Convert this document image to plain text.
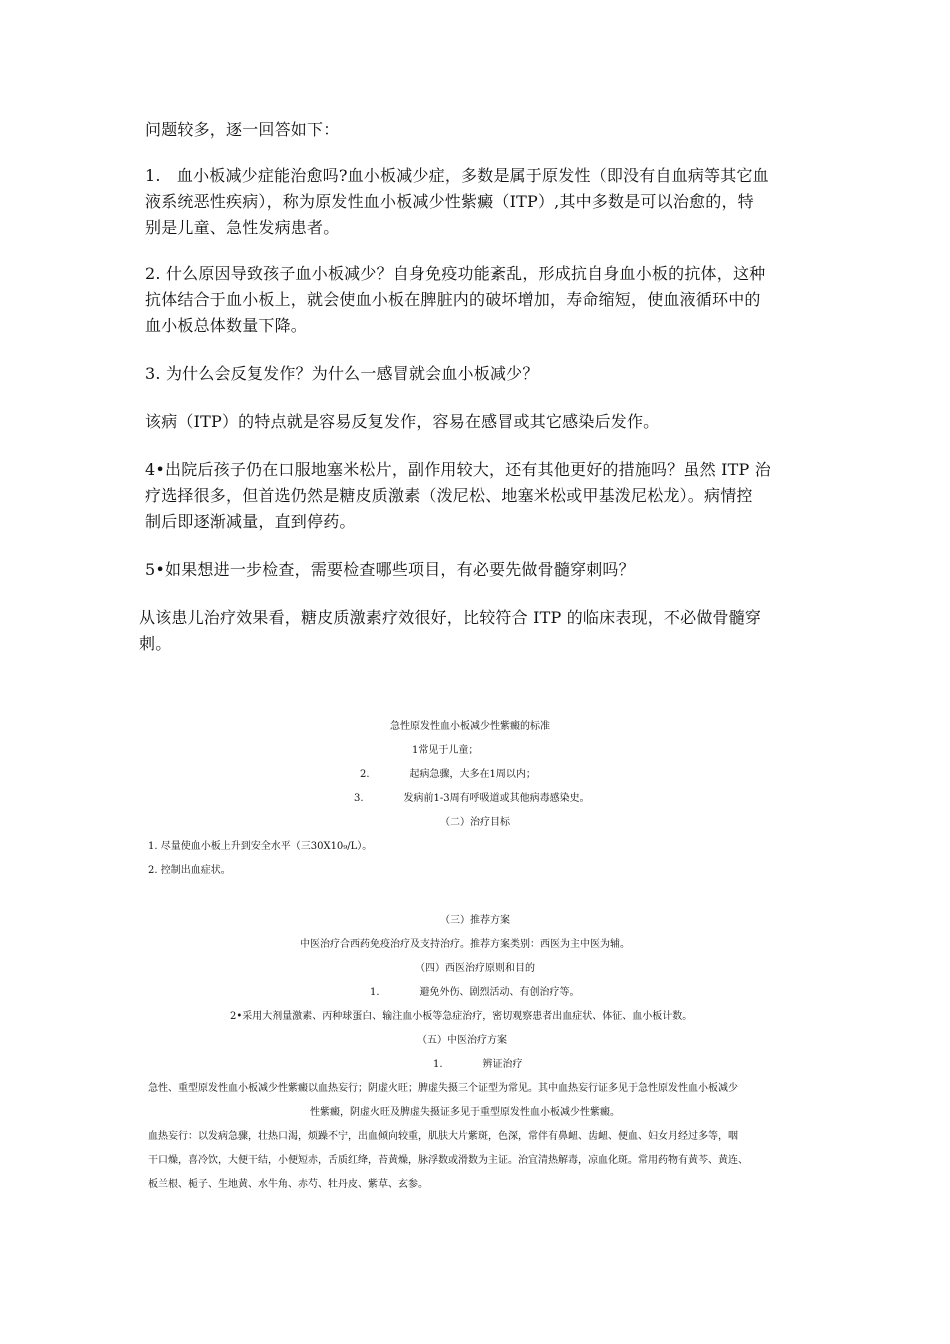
问题较多，逐一回答如下：

1.　血小板减少症能治愈吗?血小板减少症，多数是属于原发性（即没有自血病等其它血

液系统恶性疾病），称为原发性血小板减少性紫癜（ITP）,其中多数是可以治愈的，特

别是儿童、急性发病患者。

2. 什么原因导致孩子血小板减少？自身免疫功能紊乱，形成抗自身血小板的抗体，这种

抗体结合于血小板上，就会使血小板在脾脏内的破坏增加，寿命缩短，使血液循环中的

血小板总体数量下降。

3. 为什么会反复发作？为什么一感冒就会血小板减少？

该病（ITP）的特点就是容易反复发作，容易在感冒或其它感染后发作。

4•出院后孩子仍在口服地塞米松片，副作用较大，还有其他更好的措施吗？虽然 ITP 治

疗选择很多，但首选仍然是糖皮质激素（泼尼松、地塞米松或甲基泼尼松龙）。病情控

制后即逐渐减量，直到停药。

5•如果想进一步检查，需要检查哪些项目，有必要先做骨髓穿刺吗？

从该患儿治疗效果看，糖皮质激素疗效很好，比较符合 ITP 的临床表现，不必做骨髓穿

刺。

急性原发性血小板减少性紫癜的标准
1常见于儿童；
2.	起病急骤，大多在1周以内；
3.	发病前1-3周有呼吸道或其他病毒感染史。
（二）治疗目标
1. 尽量使血小板上升到安全水平（三30X10₉/L）。
2. 控制出血症状。
（三）推荐方案
中医治疗合西药免疫治疗及支持治疗。推荐方案类别：西医为主中医为辅。
（四）西医治疗原则和目的
1.	避免外伤、剧烈活动、有创治疗等。
2•采用大剂量激素、丙种球蛋白、输注血小板等急症治疗，密切观察患者出血症状、体征、血小板计数。
（五）中医治疗方案
1.	辨证治疗
急性、重型原发性血小板减少性紫癜以血热妄行；阴虚火旺；脾虚失摄三个证型为常见。其中血热妄行证多见于急性原发性血小板减少
性紫癜，阴虚火旺及脾虚失摄证多见于重型原发性血小板减少性紫癜。
血热妄行：以发病急骤，壮热口渴，烦躁不宁，出血倾向较重，肌肤大片紫斑，色深，常伴有鼻衄、齿衄、便血、妇女月经过多等，咽
干口燥，喜冷饮，大便干结，小便短赤，舌质红绛，苔黄燥，脉浮数或滑数为主证。治宜清热解毒，凉血化斑。常用药物有黄芩、黄连、
板兰根、栀子、生地黄、水牛角、赤芍、牡丹皮、紫草、玄参。
